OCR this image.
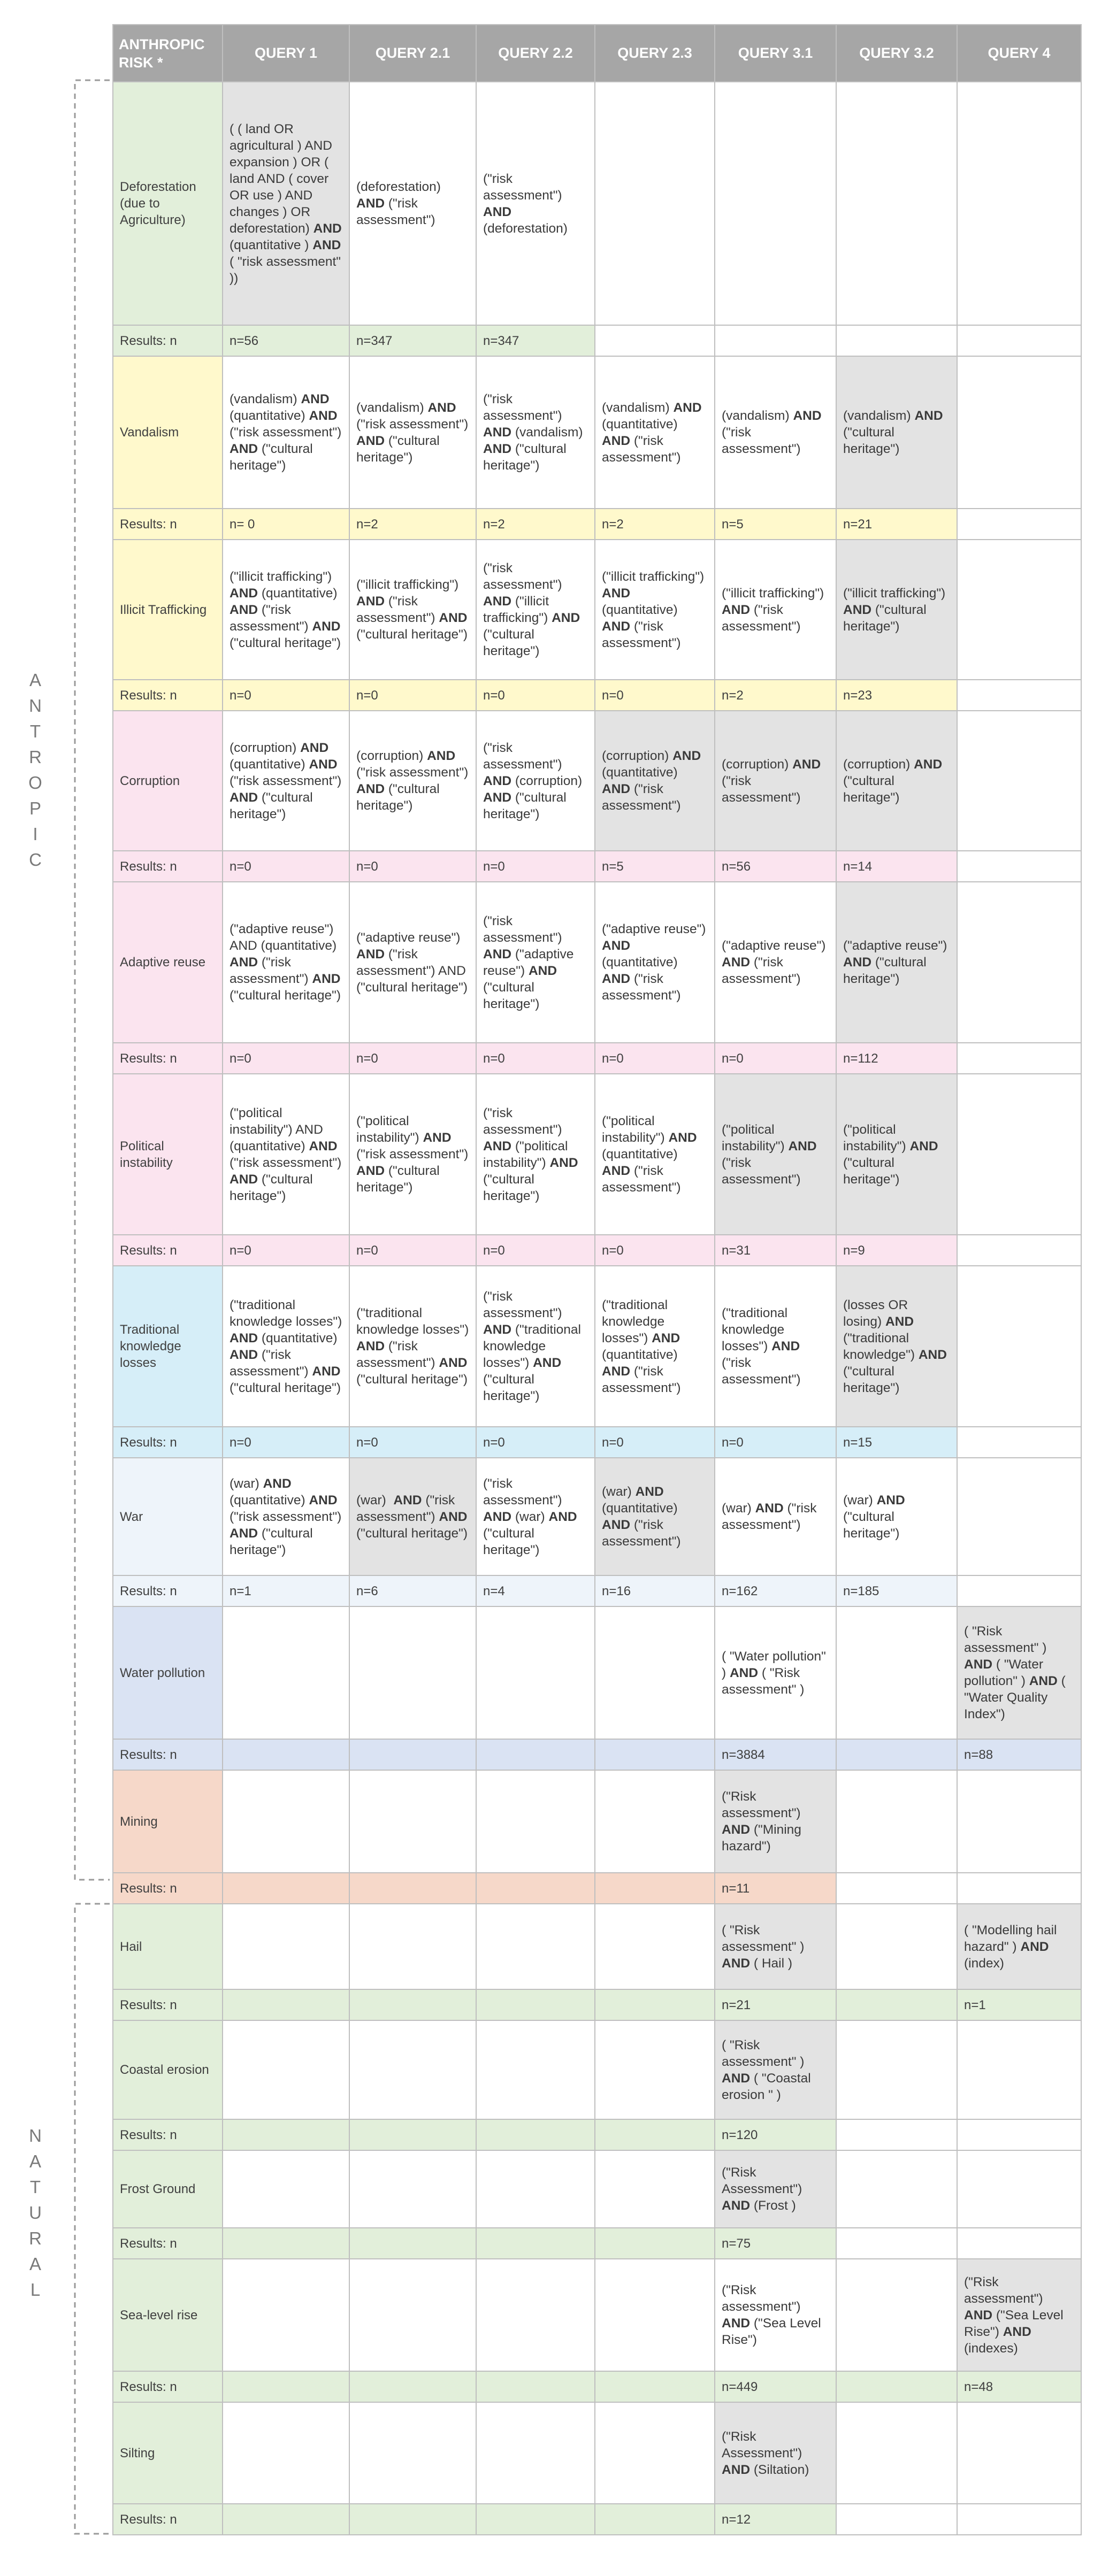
A
N
T
R
O
P
I
C
N
A
T
U
R
A
L
ANTHROPIC RISK *	QUERY 1	QUERY 2.1	QUERY 2.2	QUERY 2.3	QUERY 3.1	QUERY 3.2	QUERY 4
Deforestation (due to Agriculture)	( ( land OR agricultural ) AND expansion ) OR ( land AND ( cover OR use ) AND changes ) OR deforestation) AND (quantitative ) AND ( "risk assessment" ))	(deforestation) AND ("risk assessment")	("risk assessment") AND (deforestation)				
Results: n	n=56	n=347	n=347				
Vandalism	(vandalism) AND (quantitative) AND ("risk assessment") AND ("cultural heritage")	(vandalism) AND ("risk assessment") AND ("cultural heritage")	("risk assessment") AND (vandalism) AND ("cultural heritage")	(vandalism) AND (quantitative) AND ("risk assessment")	(vandalism) AND ("risk assessment")	(vandalism) AND ("cultural heritage")	
Results: n	n= 0	n=2	n=2	n=2	n=5	n=21	
Illicit Trafficking	("illicit trafficking") AND (quantitative) AND ("risk assessment") AND ("cultural heritage")	("illicit trafficking") AND ("risk assessment") AND ("cultural heritage")	("risk assessment") AND ("illicit trafficking") AND ("cultural heritage")	("illicit trafficking") AND (quantitative) AND ("risk assessment")	("illicit trafficking") AND ("risk assessment")	("illicit trafficking") AND ("cultural heritage")	
Results: n	n=0	n=0	n=0	n=0	n=2	n=23	
Corruption	(corruption) AND (quantitative) AND ("risk assessment") AND ("cultural heritage")	(corruption) AND ("risk assessment") AND ("cultural heritage")	("risk assessment") AND (corruption) AND ("cultural heritage")	(corruption) AND (quantitative) AND ("risk assessment")	(corruption) AND ("risk assessment")	(corruption) AND ("cultural heritage")	
Results: n	n=0	n=0	n=0	n=5	n=56	n=14	
Adaptive reuse	("adaptive reuse") AND (quantitative) AND ("risk assessment") AND ("cultural heritage")	("adaptive reuse") AND ("risk assessment") AND ("cultural heritage")	("risk assessment") AND ("adaptive reuse") AND ("cultural heritage")	("adaptive reuse") AND (quantitative) AND ("risk assessment")	("adaptive reuse") AND ("risk assessment")	("adaptive reuse") AND ("cultural heritage")	
Results: n	n=0	n=0	n=0	n=0	n=0	n=112	
Political instability	("political instability") AND (quantitative) AND ("risk assessment") AND ("cultural heritage")	("political instability") AND ("risk assessment") AND ("cultural heritage")	("risk assessment") AND ("political instability") AND ("cultural heritage")	("political instability") AND (quantitative) AND ("risk assessment")	("political instability") AND ("risk assessment")	("political instability") AND ("cultural heritage")	
Results: n	n=0	n=0	n=0	n=0	n=31	n=9	
Traditional knowledge losses	("traditional knowledge losses") AND (quantitative) AND ("risk assessment") AND ("cultural heritage")	("traditional knowledge losses") AND ("risk assessment") AND ("cultural heritage")	("risk assessment") AND ("traditional knowledge losses") AND ("cultural heritage")	("traditional knowledge losses") AND (quantitative) AND ("risk assessment")	("traditional knowledge losses") AND ("risk assessment")	(losses OR losing) AND ("traditional knowledge") AND ("cultural heritage")	
Results: n	n=0	n=0	n=0	n=0	n=0	n=15	
War	(war) AND (quantitative) AND ("risk assessment") AND ("cultural heritage")	(war)  AND ("risk assessment") AND ("cultural heritage")	("risk assessment") AND (war) AND ("cultural heritage")	(war) AND (quantitative) AND ("risk assessment")	(war) AND ("risk assessment")	(war) AND ("cultural heritage")	
Results: n	n=1	n=6	n=4	n=16	n=162	n=185	
Water pollution					( "Water pollution" ) AND ( "Risk assessment" )		( "Risk assessment" ) AND ( "Water pollution" ) AND ( "Water Quality Index")
Results: n					n=3884		n=88
Mining					("Risk assessment") AND ("Mining hazard")		
Results: n					n=11		
Hail					( "Risk assessment" ) AND ( Hail )		( "Modelling hail hazard" ) AND (index)
Results: n					n=21		n=1
Coastal erosion					( "Risk assessment" ) AND ( "Coastal erosion " )		
Results: n					n=120		
Frost Ground					("Risk Assessment") AND (Frost )		
Results: n					n=75		
Sea-level rise					("Risk assessment") AND ("Sea Level Rise")		("Risk assessment") AND ("Sea Level Rise") AND (indexes)
Results: n					n=449		n=48
Silting					("Risk Assessment") AND (Siltation)		
Results: n					n=12		
